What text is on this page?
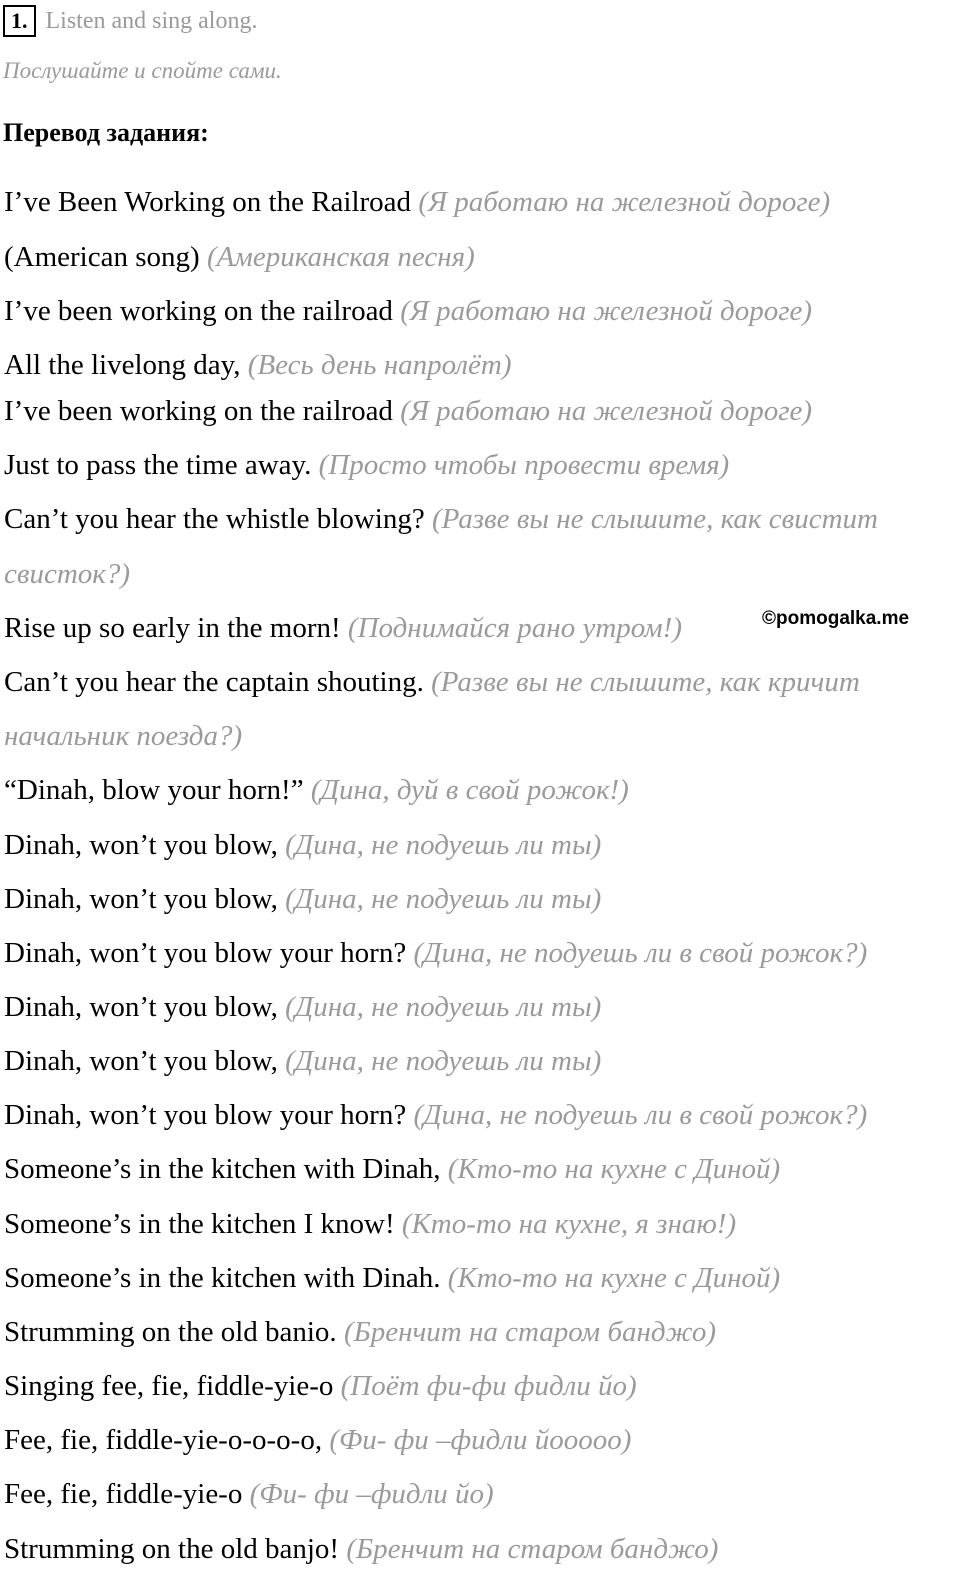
1. Listen and sing along.
Послушайте и спойте сами.
Перевод задания:
I’ve Been Working on the Railroad (Я работаю на железной дороге)
(American song) (Американская песня)
I’ve been working on the railroad (Я работаю на железной дороге)
All the livelong day, (Весь день напролёт)
I’ve been working on the railroad (Я работаю на железной дороге)
Just to pass the time away. (Просто чтобы провести время)
Can’t you hear the whistle blowing? (Разве вы не слышите, как свистит
свисток?)
Rise up so early in the morn! (Поднимайся рано утром!)
Can’t you hear the captain shouting. (Разве вы не слышите, как кричит
начальник поезда?)
“Dinah, blow your horn!” (Дина, дуй в свой рожок!)
Dinah, won’t you blow, (Дина, не подуешь ли ты)
Dinah, won’t you blow, (Дина, не подуешь ли ты)
Dinah, won’t you blow your horn? (Дина, не подуешь ли в свой рожок?)
Dinah, won’t you blow, (Дина, не подуешь ли ты)
Dinah, won’t you blow, (Дина, не подуешь ли ты)
Dinah, won’t you blow your horn? (Дина, не подуешь ли в свой рожок?)
Someone’s in the kitchen with Dinah, (Кто-то на кухне с Диной)
Someone’s in the kitchen I know! (Кто-то на кухне, я знаю!)
Someone’s in the kitchen with Dinah. (Кто-то на кухне с Диной)
Strumming on the old banio. (Бренчит на старом банджо)
Singing fee, fie, fiddle-yie-o (Поёт фи-фи фидли йо)
Fee, fie, fiddle-yie-o-o-o-o, (Фи- фи –фидли йооооо)
Fee, fie, fiddle-yie-o (Фи- фи –фидли йо)
Strumming on the old banjo! (Бренчит на старом банджо)
©pomogalka.me
